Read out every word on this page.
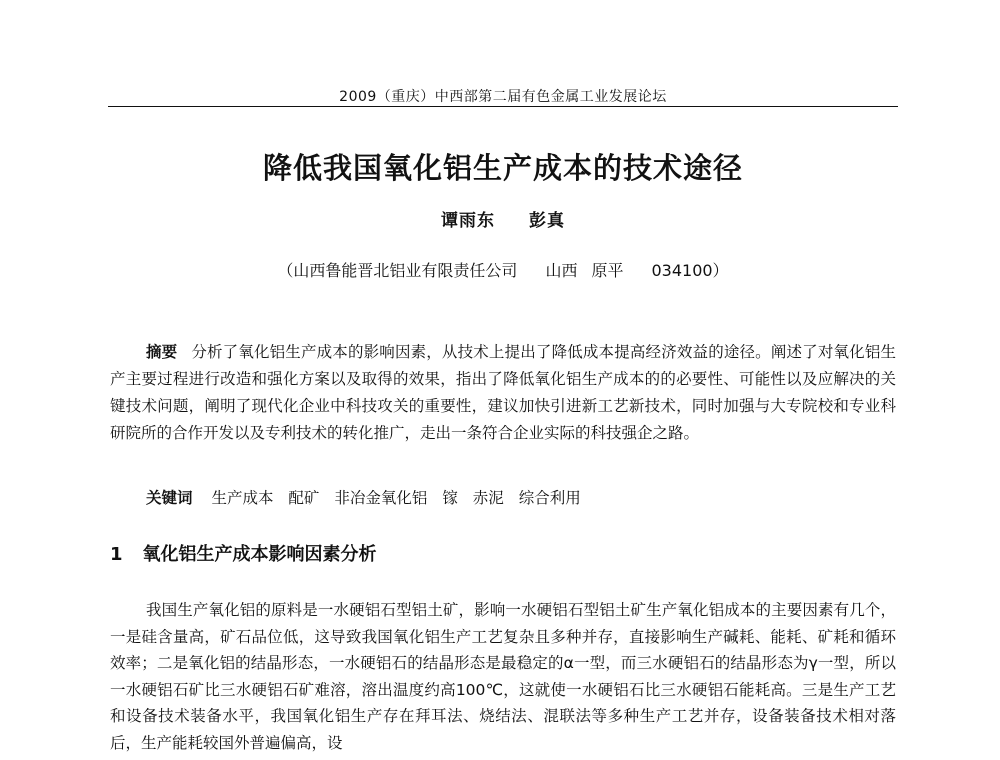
2009（重庆）中西部第二届有色金属工业发展论坛
降低我国氧化铝生产成本的技术途径
谭雨东 彭真
（山西鲁能晋北铝业有限责任公司 山西 原平 034100）
摘要 分析了氧化铝生产成本的影响因素，从技术上提出了降低成本提高经济效益的途径。阐述了对氧化铝生产主要过程进行改造和强化方案以及取得的效果，指出了降低氧化铝生产成本的的必要性、可能性以及应解决的关键技术问题，阐明了现代化企业中科技攻关的重要性，建议加快引进新工艺新技术，同时加强与大专院校和专业科研院所的合作开发以及专利技术的转化推广，走出一条符合企业实际的科技强企之路。
关键词 生产成本 配矿 非冶金氧化铝 镓 赤泥 综合利用
1 氧化铝生产成本影响因素分析
我国生产氧化铝的原料是一水硬铝石型铝土矿，影响一水硬铝石型铝土矿生产氧化铝成本的主要因素有几个，一是硅含量高，矿石品位低，这导致我国氧化铝生产工艺复杂且多种并存，直接影响生产碱耗、能耗、矿耗和循环效率；二是氧化铝的结晶形态，一水硬铝石的结晶形态是最稳定的α一型，而三水硬铝石的结晶形态为γ一型，所以一水硬铝石矿比三水硬铝石矿难溶，溶出温度约高100℃，这就使一水硬铝石比三水硬铝石能耗高。三是生产工艺和设备技术装备水平，我国氧化铝生产存在拜耳法、烧结法、混联法等多种生产工艺并存，设备装备技术相对落后，生产能耗较国外普遍偏高，设
